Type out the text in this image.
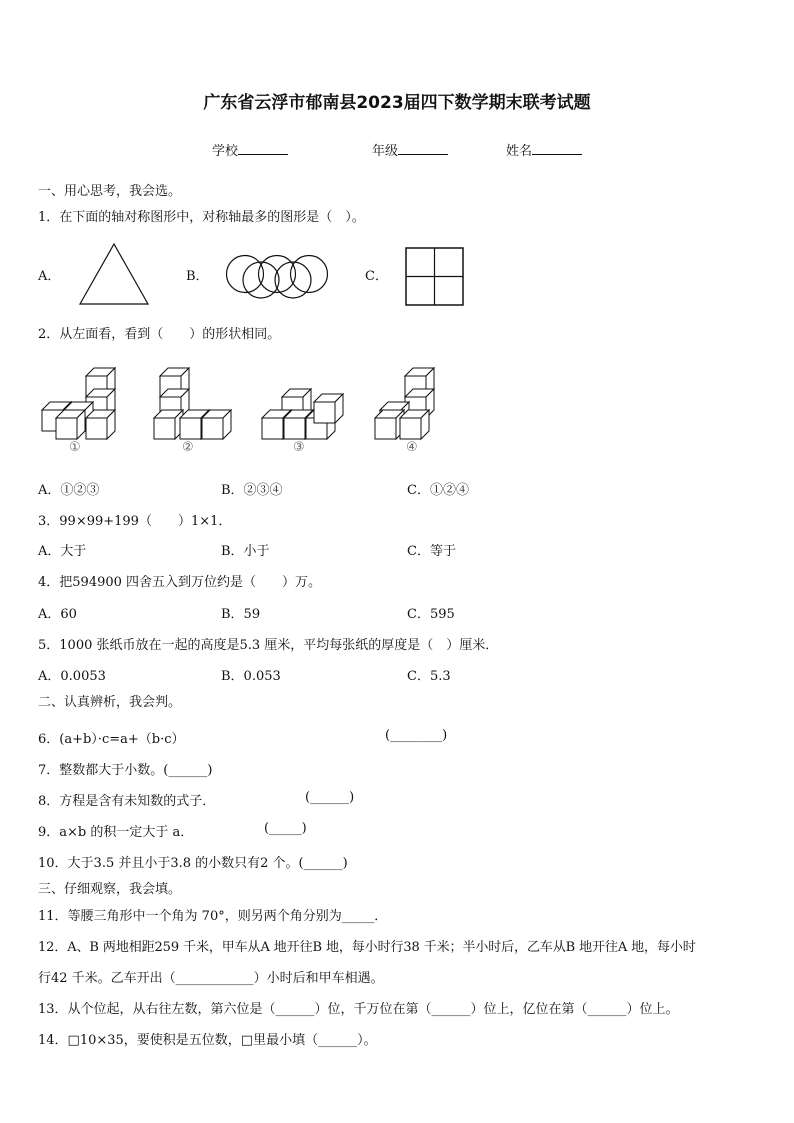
广东省云浮市郁南县2023届四下数学期末联考试题
学校	年级	姓名
一、用心思考，我会选。
1．在下面的轴对称图形中，对称轴最多的图形是（　）。
A．	B．	C．
2．从左面看，看到（　　）的形状相同。
①	②	③	④
A．①②③	B．②③④	C．①②④
3．99×99+199（　　）1×1．
A．大于	B．小于	C．等于
4．把594900 四舍五入到万位约是（　　）万。
A．60	B．59	C．595
5．1000 张纸币放在一起的高度是5.3 厘米，平均每张纸的厚度是（　）厘米．
A．0.0053	B．0.053	C．5.3
二、认真辨析，我会判。
6．(a+b）·c=a+（b·c）	(________)
7．整数都大于小数。(______)
8．方程是含有未知数的式子．	(______)
9．a×b 的积一定大于 a．	(_____)
10．大于3.5 并且小于3.8 的小数只有2 个。(______)
三、仔细观察，我会填。
11．等腰三角形中一个角为 70°，则另两个角分别为_____．
12．A、B 两地相距259 千米，甲车从A 地开往B 地，每小时行38 千米；半小时后，乙车从B 地开往A 地，每小时
行42 千米。乙车开出（____________）小时后和甲车相遇。
13．从个位起，从右往左数，第六位是（______）位，千万位在第（______）位上，亿位在第（______）位上。
14．□10×35，要使积是五位数，□里最小填（______）。
